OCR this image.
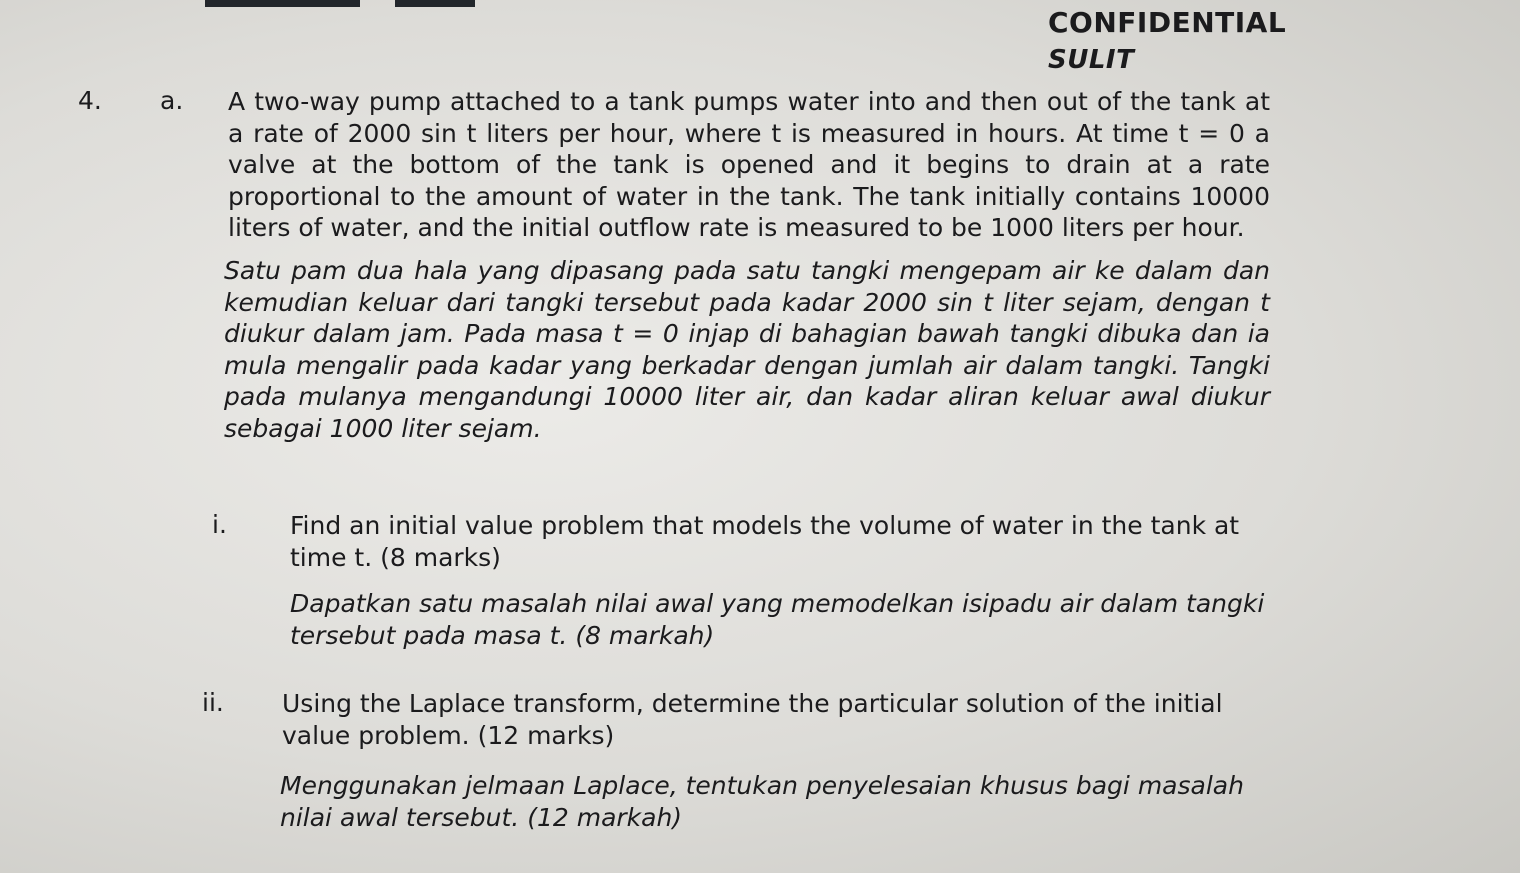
CONFIDENTIAL
SULIT
4. a. A two-way pump attached to a tank pumps water into and then out of the tank at a rate of 2000 sin t liters per hour, where t is measured in hours. At time t = 0 a valve at the bottom of the tank is opened and it begins to drain at a rate proportional to the amount of water in the tank. The tank initially contains 10000 liters of water, and the initial outflow rate is measured to be 1000 liters per hour.

Satu pam dua hala yang dipasang pada satu tangki mengepam air ke dalam dan kemudian keluar dari tangki tersebut pada kadar 2000 sin t liter sejam, dengan t diukur dalam jam. Pada masa t = 0 injap di bahagian bawah tangki dibuka dan ia mula mengalir pada kadar yang berkadar dengan jumlah air dalam tangki. Tangki pada mulanya mengandungi 10000 liter air, dan kadar aliran keluar awal diukur sebagai 1000 liter sejam.

i.	Find an initial value problem that models the volume of water in the tank at time t. (8 marks)

Dapatkan satu masalah nilai awal yang memodelkan isipadu air dalam tangki tersebut pada masa t. (8 markah)

ii. Using the Laplace transform, determine the particular solution of the initial value problem. (12 marks)

Menggunakan jelmaan Laplace, tentukan penyelesaian khusus bagi masalah nilai awal tersebut. (12 markah)
